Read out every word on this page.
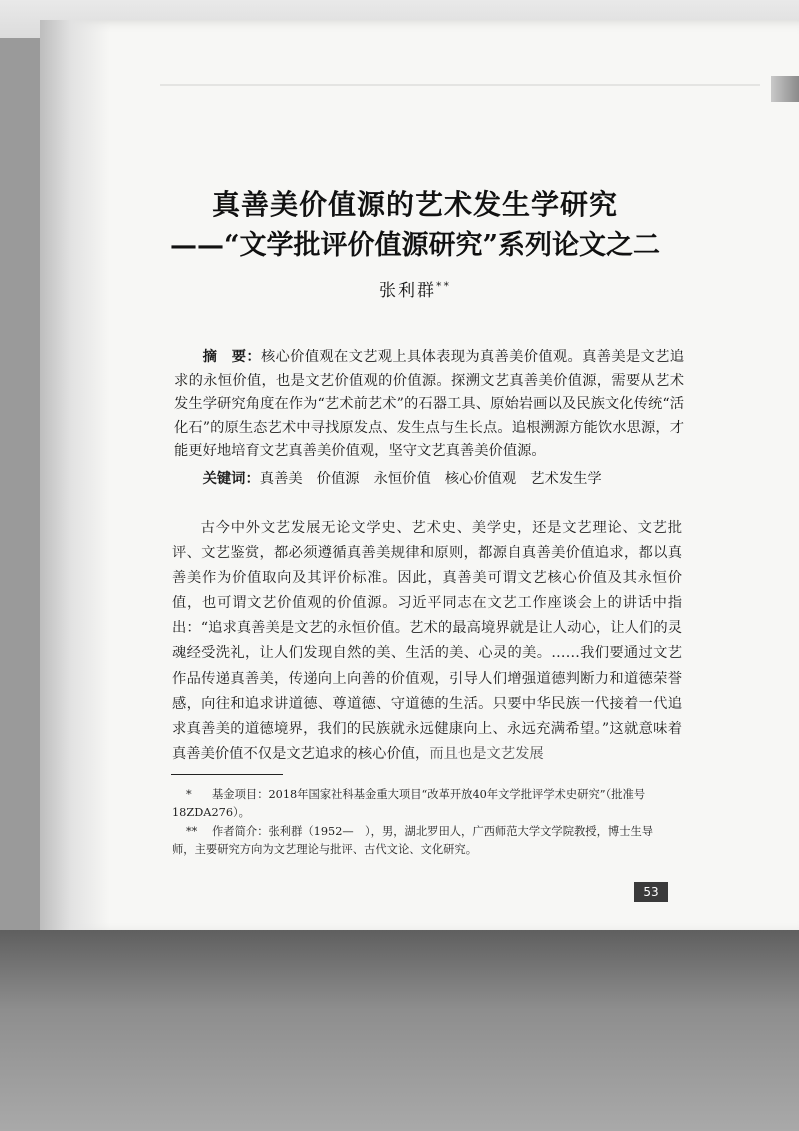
真善美价值源的艺术发生学研究
——“文学批评价值源研究”系列论文之二
张利群**

摘　要：核心价值观在文艺观上具体表现为真善美价值观。真善美是文艺追求的永恒价值，也是文艺价值观的价值源。探溯文艺真善美价值源，需要从艺术发生学研究角度在作为“艺术前艺术”的石器工具、原始岩画以及民族文化传统“活化石”的原生态艺术中寻找原发点、发生点与生长点。追根溯源方能饮水思源，才能更好地培育文艺真善美价值观，坚守文艺真善美价值源。

关键词：真善美 价值源 永恒价值 核心价值观 艺术发生学

古今中外文艺发展无论文学史、艺术史、美学史，还是文艺理论、文艺批评、文艺鉴赏，都必须遵循真善美规律和原则，都源自真善美价值追求，都以真善美作为价值取向及其评价标准。因此，真善美可谓文艺核心价值及其永恒价值，也可谓文艺价值观的价值源。习近平同志在文艺工作座谈会上的讲话中指出：“追求真善美是文艺的永恒价值。艺术的最高境界就是让人动心，让人们的灵魂经受洗礼，让人们发现自然的美、生活的美、心灵的美。……我们要通过文艺作品传递真善美，传递向上向善的价值观，引导人们增强道德判断力和道德荣誉感，向往和追求讲道德、尊道德、守道德的生活。只要中华民族一代接着一代追求真善美的道德境界，我们的民族就永远健康向上、永远充满希望。”这就意味着真善美价值不仅是文艺追求的核心价值，而且也是文艺发展

* 基金项目：2018年国家社科基金重大项目“改革开放40年文学批评学术史研究”（批准号18ZDA276）。

** 作者简介：张利群（1952—　），男，湖北罗田人，广西师范大学文学院教授，博士生导师，主要研究方向为文艺理论与批评、古代文论、文化研究。

53
